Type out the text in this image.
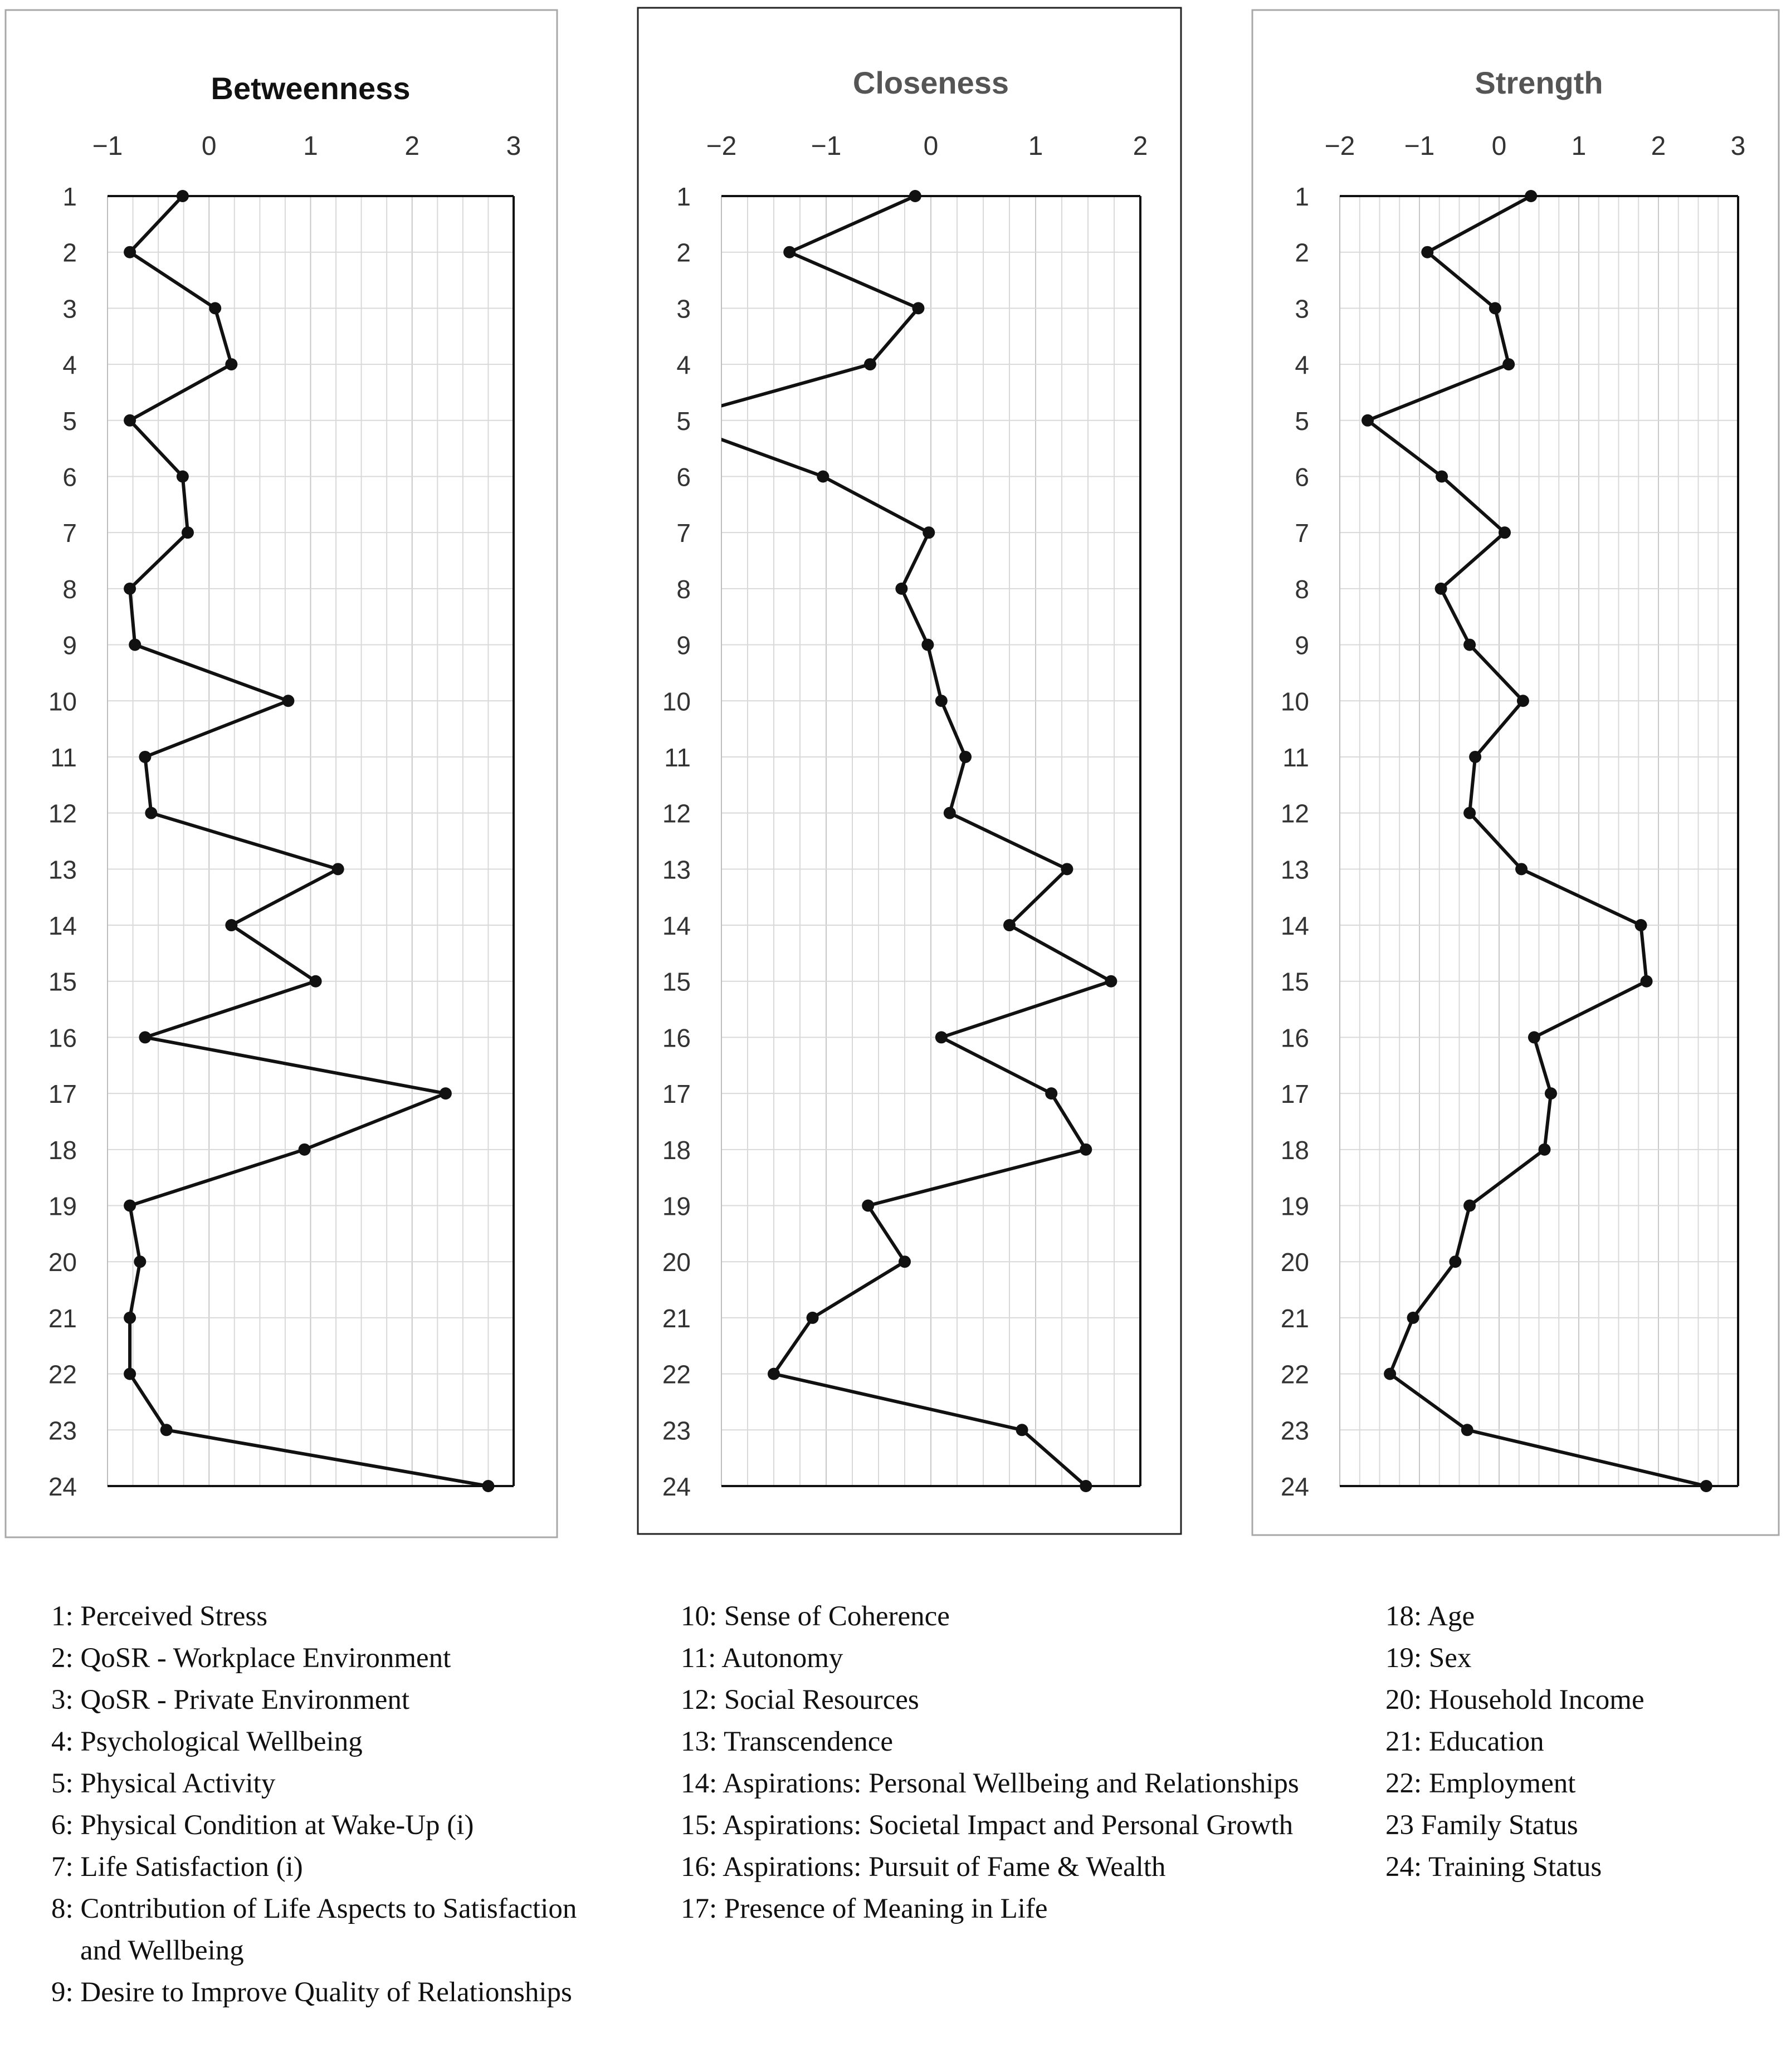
Betweenness
−1	0	1	2	3
1
2
3
4
5
6
7
8
9
10
11
12
13
14
15
16
17
18
19
20
21
22
23
24
Closeness
−2	−1	0	1	2
1
2
3
4
5
6
7
8
9
10
11
12
13
14
15
16
17
18
19
20
21
22
23
24
Strength
−2 −1 0 1 2 3
1
2
3
4
5
6
7
8
9
10
11
12
13
14
15
16
17
18
19
20
21
22
23
24
1: Perceived Stress
2: QoSR - Workplace Environment
3: QoSR - Private Environment
4: Psychological Wellbeing
5: Physical Activity
6: Physical Condition at Wake-Up (i)
7: Life Satisfaction (i)
8: Contribution of Life Aspects to Satisfaction and Wellbeing
9: Desire to Improve Quality of Relationships
10: Sense of Coherence
11: Autonomy
12: Social Resources
13: Transcendence
14: Aspirations: Personal Wellbeing and Relationships
15: Aspirations: Societal Impact and Personal Growth
16: Aspirations: Pursuit of Fame & Wealth
17: Presence of Meaning in Life
18: Age
19: Sex
20: Household Income
21: Education
22: Employment
23 Family Status
24: Training Status
